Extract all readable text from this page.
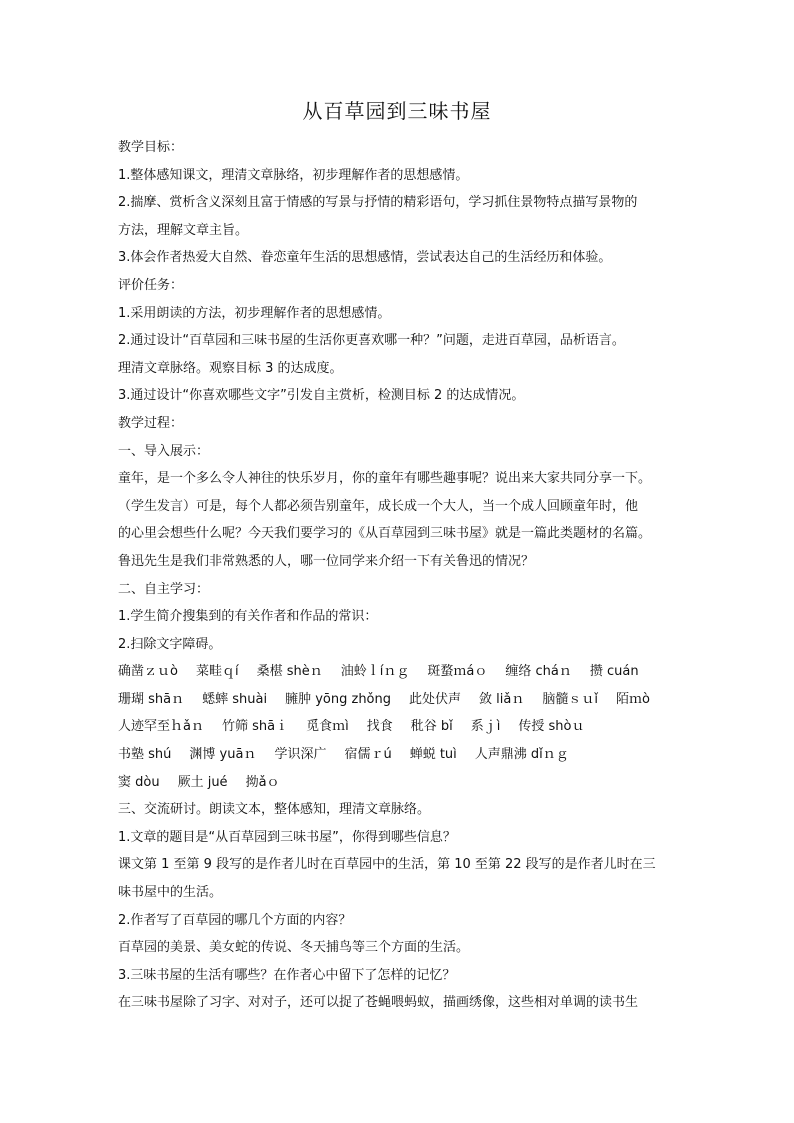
从百草园到三味书屋
教学目标：
1.整体感知课文，理清文章脉络，初步理解作者的思想感情。
2.揣摩、赏析含义深刻且富于情感的写景与抒情的精彩语句，学习抓住景物特点描写景物的
方法，理解文章主旨。
3.体会作者热爱大自然、眷恋童年生活的思想感情，尝试表达自己的生活经历和体验。
评价任务：
1.采用朗读的方法，初步理解作者的思想感情。
2.通过设计“百草园和三味书屋的生活你更喜欢哪一种？”问题，走进百草园，品析语言。
理清文章脉络。观察目标 3 的达成度。
3.通过设计“你喜欢哪些文字”引发自主赏析，检测目标 2 的达成情况。
教学过程：
一、导入展示：
童年，是一个多么令人神往的快乐岁月，你的童年有哪些趣事呢？说出来大家共同分享一下。
（学生发言）可是，每个人都必须告别童年，成长成一个大人，当一个成人回顾童年时，他
的心里会想些什么呢？今天我们要学习的《从百草园到三味书屋》就是一篇此类题材的名篇。
鲁迅先生是我们非常熟悉的人，哪一位同学来介绍一下有关鲁迅的情况？
二、自主学习：
1.学生简介搜集到的有关作者和作品的常识：
2.扫除文字障碍。
确凿ｚｕò 菜畦ｑí 桑椹 shèｎ 油蛉ｌíｎｇ 斑蝥ｍáｏ 缠络 cháｎ 攒 cuán
珊瑚 shāｎ 蟋蟀 shuài 臃肿 yōng zhǒng 此处伏声 敛 liǎｎ 脑髓ｓｕǐ 陌ｍò
人迹罕至ｈǎｎ 竹筛 shāｉ 觅食ｍì 找食 秕谷 bǐ 系ｊì 传授 shòｕ
书塾 shú 渊博 yuāｎ 学识深广 宿儒ｒú 蝉蜕 tuì 人声鼎沸 dǐｎｇ
窦 dòu 厥土 jué 拗ǎｏ
三、交流研讨。朗读文本，整体感知，理清文章脉络。
1.文章的题目是“从百草园到三味书屋”，你得到哪些信息？
课文第 1 至第 9 段写的是作者儿时在百草园中的生活，第 10 至第 22 段写的是作者儿时在三
味书屋中的生活。
2.作者写了百草园的哪几个方面的内容？
百草园的美景、美女蛇的传说、冬天捕鸟等三个方面的生活。
3.三味书屋的生活有哪些？在作者心中留下了怎样的记忆？
在三味书屋除了习字、对对子，还可以捉了苍蝇喂蚂蚁，描画绣像，这些相对单调的读书生
